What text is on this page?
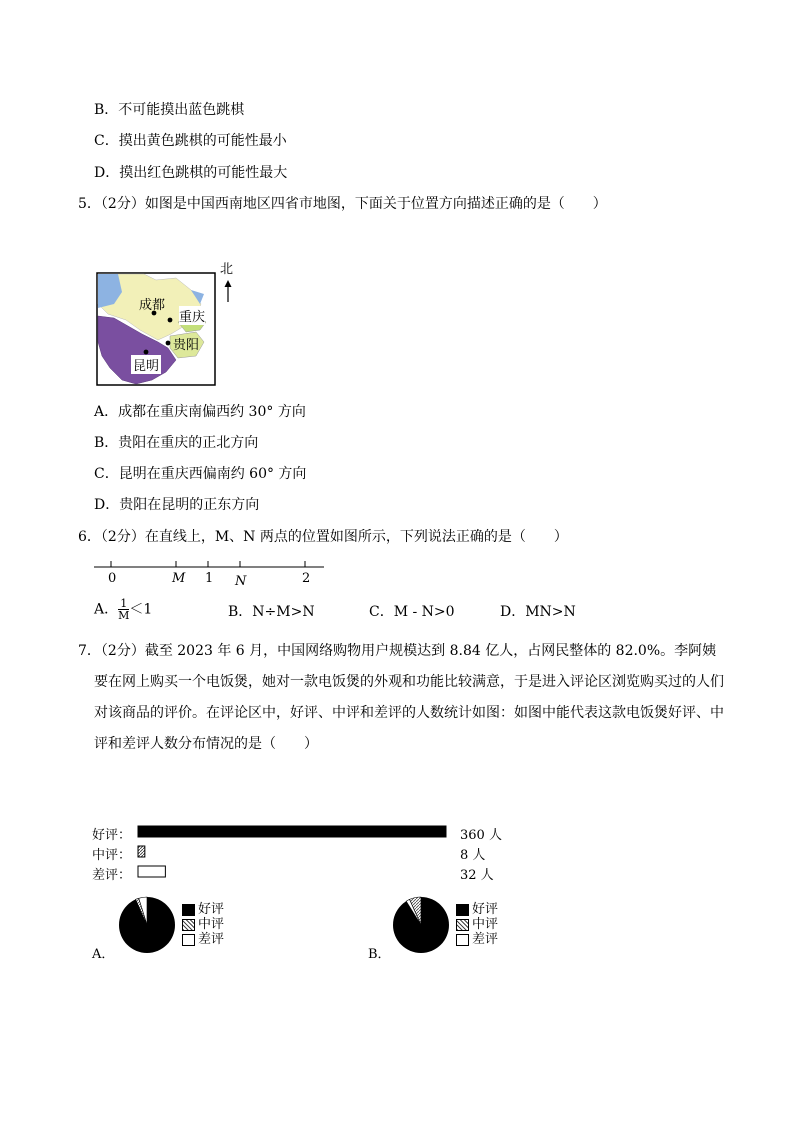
B．不可能摸出蓝色跳棋
C．摸出黄色跳棋的可能性最小
D．摸出红色跳棋的可能性最大
5．（2分）如图是中国西南地区四省市地图，下面关于位置方向描述正确的是（　　）
北
成都
重庆
贵阳
昆明
A．成都在重庆南偏西约 30° 方向
B．贵阳在重庆的正北方向
C．昆明在重庆西偏南约 60° 方向
D．贵阳在昆明的正东方向
6．（2分）在直线上，M、N 两点的位置如图所示，下列说法正确的是（　　）
0	M 1 N	2
A． $\frac{1}{M} <1$	B．N÷M>N	C．M - N>0	D．MN>N
7．（2分）截至 2023 年 6 月，中国网络购物用户规模达到 8.84 亿人，占网民整体的 82.0%。李阿姨要在网上购买一个电饭煲，她对一款电饭煲的外观和功能比较满意，于是进入评论区浏览购买过的人们对该商品的评价。在评论区中，好评、中评和差评的人数统计如图：如图中能代表这款电饭煲好评、中评和差评人数分布情况的是（　　）
好评：
中评：
差评：
360 人
8 人
32 人
A．
好评
中评
差评
B．
好评
中评
差评
